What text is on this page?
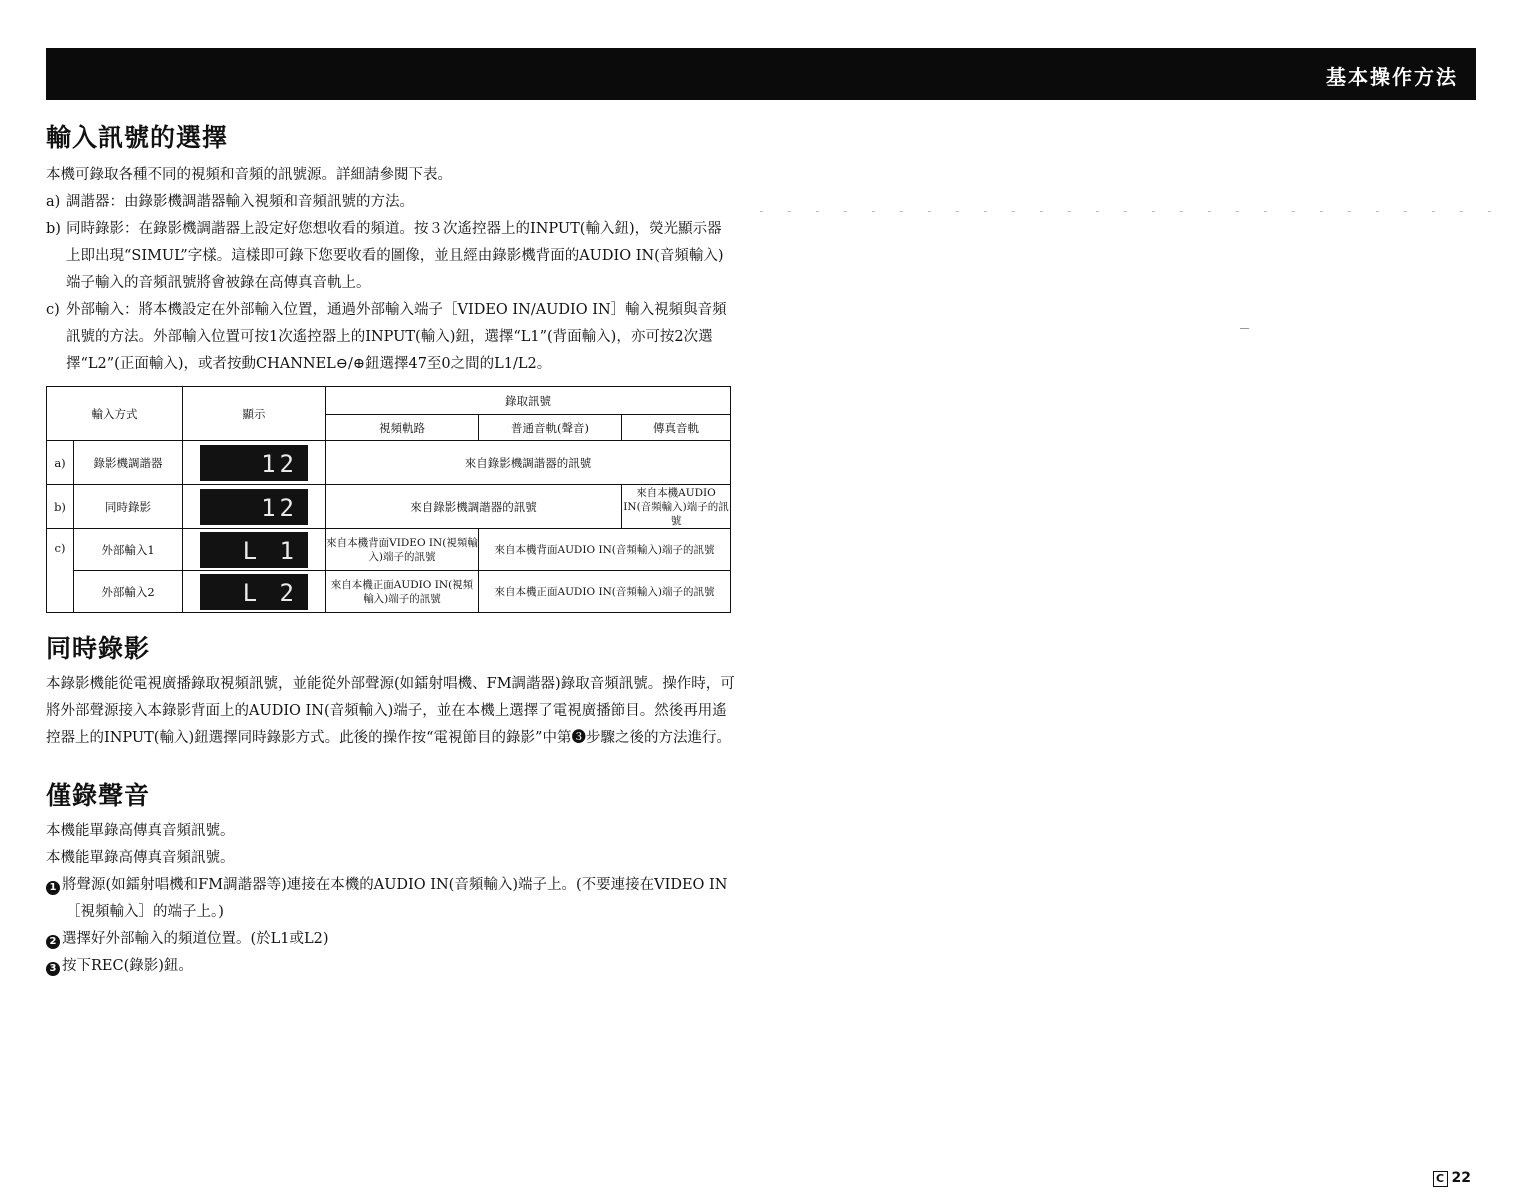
基本操作方法
輸入訊號的選擇

本機可錄取各種不同的視頻和音頻的訊號源。詳細請參閱下表。

a) 調諧器：由錄影機調諧器輸入視頻和音頻訊號的方法。

b) 同時錄影：在錄影機調諧器上設定好您想收看的頻道。按３次遙控器上的INPUT(輸入鈕)，熒光顯示器上即出現“SIMUL”字樣。這樣即可錄下您要收看的圖像，並且經由錄影機背面的AUDIO IN(音頻輸入)端子輸入的音頻訊號將會被錄在高傳真音軌上。

c) 外部輸入：將本機設定在外部輸入位置，通過外部輸入端子［VIDEO IN/AUDIO IN］輸入視頻與音頻訊號的方法。外部輸入位置可按1次遙控器上的INPUT(輸入)鈕，選擇“L1”(背面輸入)，亦可按2次選擇“L2”(正面輸入)，或者按動CHANNEL⊖/⊕鈕選擇47至0之間的L1/L2。

輸入方式		顯示	錄取訊號		
			視頻軌路	普通音軌(聲音)	傳真音軌
a)	錄影機調諧器	12	來自錄影機調諧器的訊號		
b)	同時錄影	12	來自錄影機調諧器的訊號		來自本機AUDIO IN(音頻輸入)端子的訊號
c)	外部輸入1	L 1	來自本機背面VIDEO IN(視頻輸入)端子的訊號	來自本機背面AUDIO IN(音頻輸入)端子的訊號	
	外部輸入2	L 2	來自本機正面AUDIO IN(視頻輸入)端子的訊號	來自本機正面AUDIO IN(音頻輸入)端子的訊號	
同時錄影

本錄影機能從電視廣播錄取視頻訊號，並能從外部聲源(如鐳射唱機、FM調諧器)錄取音頻訊號。操作時，可將外部聲源接入本錄影背面上的AUDIO IN(音頻輸入)端子，並在本機上選擇了電視廣播節目。然後再用遙控器上的INPUT(輸入)鈕選擇同時錄影方式。此後的操作按“電視節目的錄影”中第❸步驟之後的方法進行。

僅錄聲音

本機能單錄高傳真音頻訊號。

本機能單錄高傳真音頻訊號。

1 將聲源(如鐳射唱機和FM調諧器等)連接在本機的AUDIO IN(音頻輸入)端子上。(不要連接在VIDEO IN［視頻輸入］的端子上。)

2 選擇好外部輸入的頻道位置。(於L1或L2)

3 按下REC(錄影)鈕。

C 22
